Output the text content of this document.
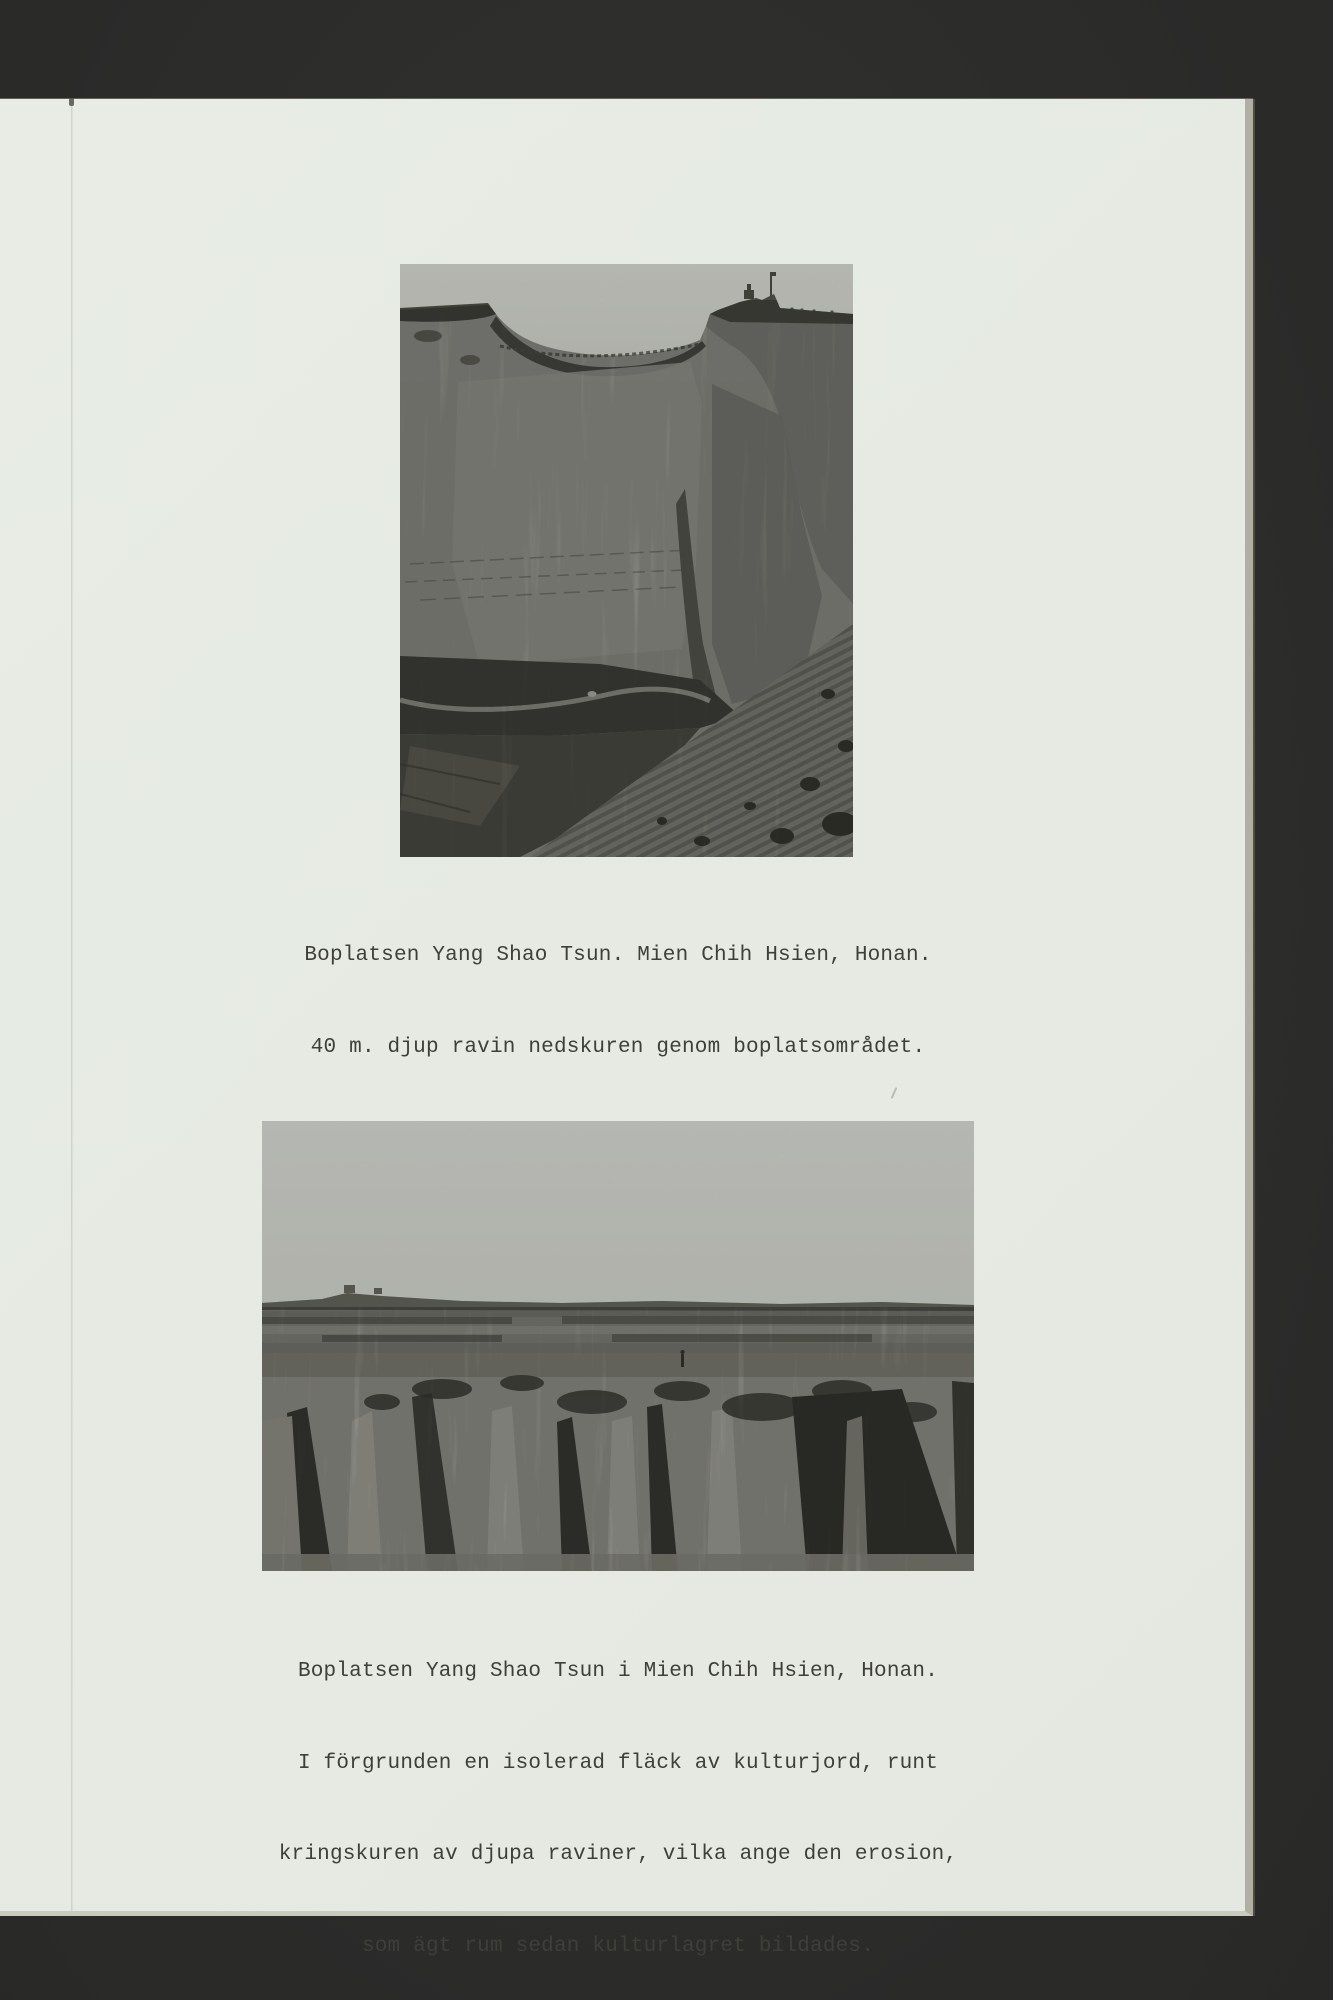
Boplatsen Yang Shao Tsun. Mien Chih Hsien, Honan.

40 m. djup ravin nedskuren genom boplatsområdet.

Boplatsen Yang Shao Tsun i Mien Chih Hsien, Honan.

I förgrunden en isolerad fläck av kulturjord, runt

kringskuren av djupa raviner, vilka ange den erosion,

som ägt rum sedan kulturlagret bildades.
